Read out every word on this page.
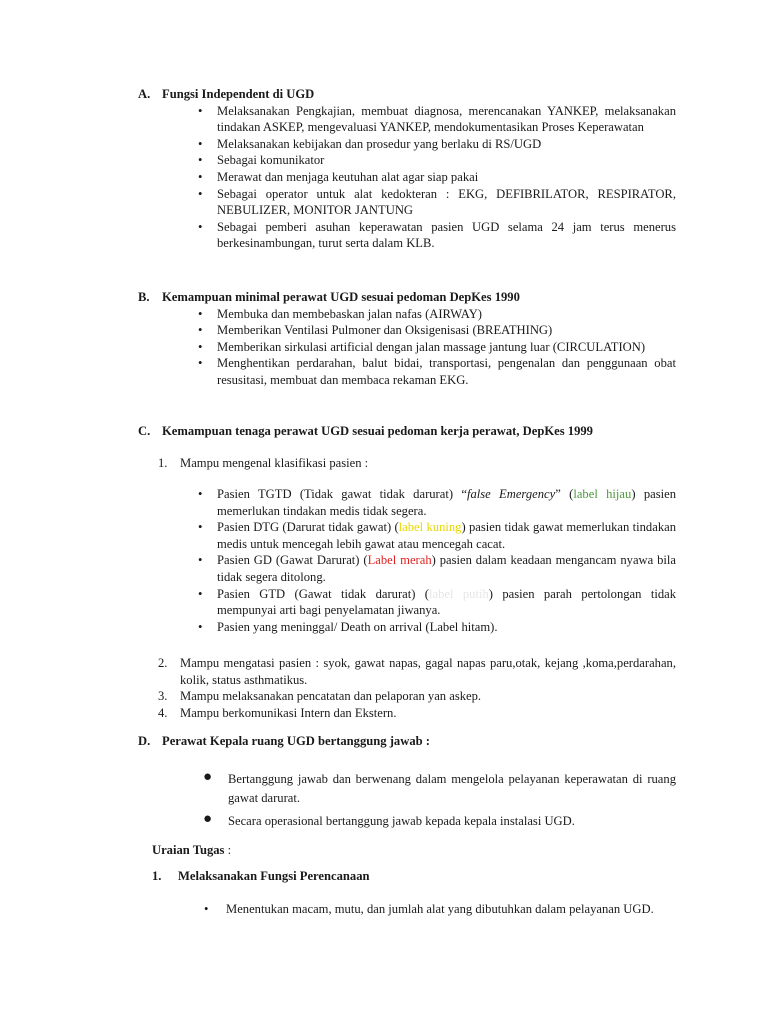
A. Fungsi Independent di UGD
• Melaksanakan Pengkajian, membuat diagnosa, merencanakan YANKEP, melaksanakan tindakan ASKEP, mengevaluasi YANKEP, mendokumentasikan Proses Keperawatan
• Melaksanakan kebijakan dan prosedur yang berlaku di RS/UGD
• Sebagai komunikator
• Merawat dan menjaga keutuhan alat agar siap pakai
• Sebagai operator untuk alat kedokteran : EKG, DEFIBRILATOR, RESPIRATOR, NEBULIZER, MONITOR JANTUNG
• Sebagai pemberi asuhan keperawatan pasien UGD selama 24 jam terus menerus berkesinambungan, turut serta dalam KLB.
B. Kemampuan minimal perawat UGD sesuai pedoman DepKes 1990
• Membuka dan membebaskan jalan nafas (AIRWAY)
• Memberikan Ventilasi Pulmoner dan Oksigenisasi (BREATHING)
• Memberikan sirkulasi artificial dengan jalan massage jantung luar (CIRCULATION)
• Menghentikan perdarahan, balut bidai, transportasi, pengenalan dan penggunaan obat resusitasi, membuat dan membaca rekaman EKG.
C. Kemampuan tenaga perawat UGD sesuai pedoman kerja perawat, DepKes 1999
1. Mampu mengenal klasifikasi pasien :
• Pasien TGTD (Tidak gawat tidak darurat) “false Emergency” (label hijau) pasien memerlukan tindakan medis tidak segera.
• Pasien DTG (Darurat tidak gawat) (label kuning) pasien tidak gawat memerlukan tindakan medis untuk mencegah lebih gawat atau mencegah cacat.
• Pasien GD (Gawat Darurat) (Label merah) pasien dalam keadaan mengancam nyawa bila tidak segera ditolong.
• Pasien GTD (Gawat tidak darurat) (label putih) pasien parah pertolongan tidak mempunyai arti bagi penyelamatan jiwanya.
• Pasien yang meninggal/ Death on arrival (Label hitam).
2. Mampu mengatasi pasien : syok, gawat napas, gagal napas paru,otak, kejang ,koma,perdarahan, kolik, status asthmatikus.
3. Mampu melaksanakan pencatatan dan pelaporan yan askep.
4. Mampu berkomunikasi Intern dan Ekstern.
D. Perawat Kepala ruang UGD bertanggung jawab :
● Bertanggung jawab dan berwenang dalam mengelola pelayanan keperawatan di ruang gawat darurat.
● Secara operasional bertanggung jawab kepada kepala instalasi UGD.
Uraian Tugas :
1. Melaksanakan Fungsi Perencanaan
• Menentukan macam, mutu, dan jumlah alat yang dibutuhkan dalam pelayanan UGD.
